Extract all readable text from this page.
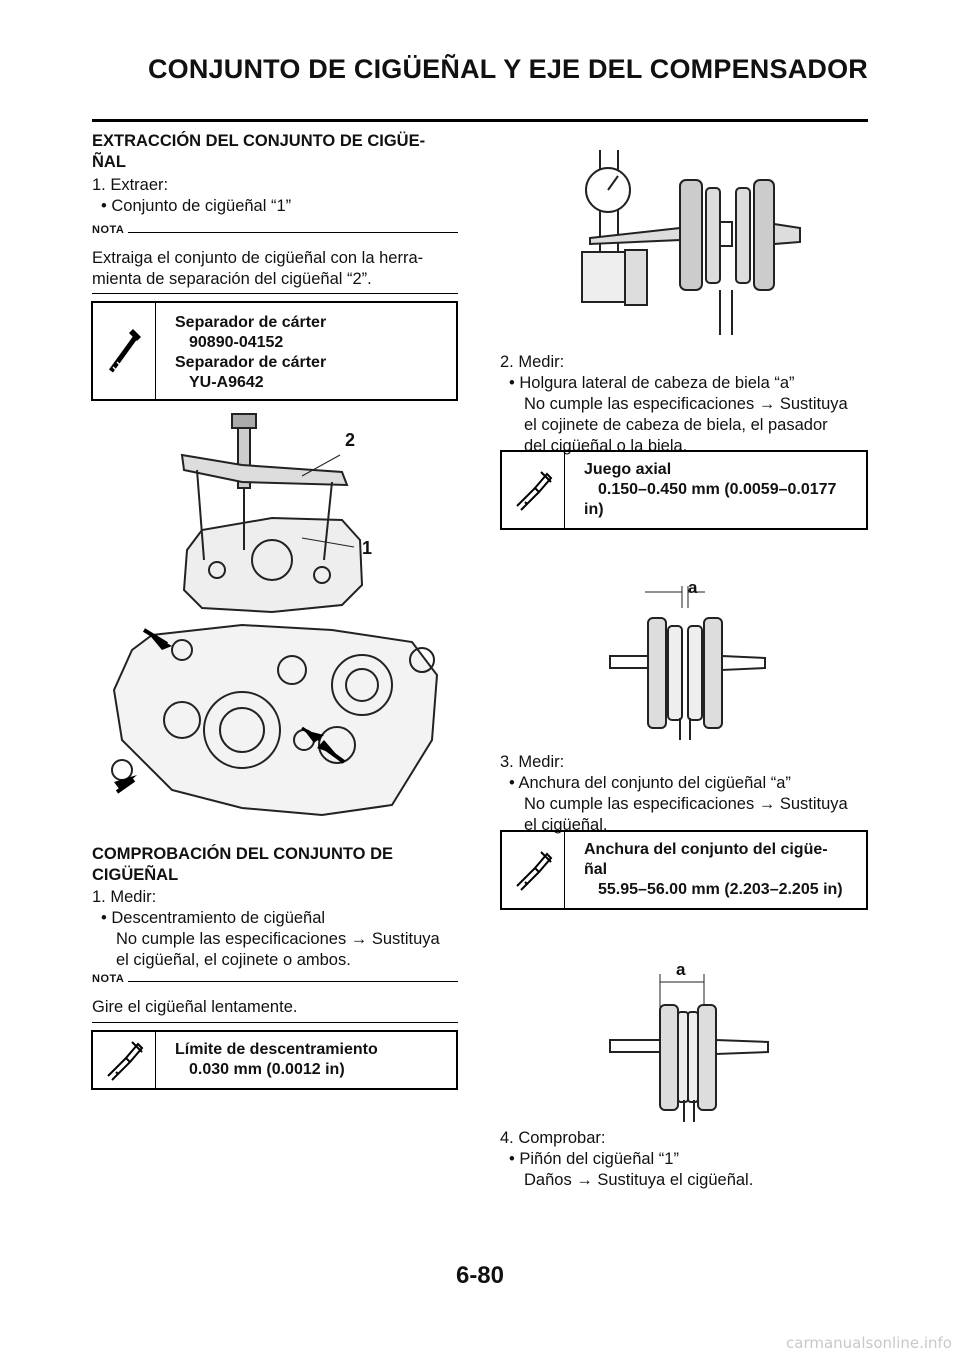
CONJUNTO DE CIGÜEÑAL Y EJE DEL COMPENSADOR
EXTRACCIÓN DEL CONJUNTO DE CIGÜE-
ÑAL
1. Extraer:
• Conjunto de cigüeñal “1”
NOTA
Extraiga el conjunto de cigüeñal con la herra-
mienta de separación del cigüeñal “2”.
Separador de cárter
90890-04152
Separador de cárter
YU-A9642
2
1
COMPROBACIÓN DEL CONJUNTO DE
CIGÜEÑAL
1. Medir:
• Descentramiento de cigüeñal
No cumple las especificaciones → Sustituya
el cigüeñal, el cojinete o ambos.
NOTA
Gire el cigüeñal lentamente.
Límite de descentramiento
0.030 mm (0.0012 in)
2. Medir:
• Holgura lateral de cabeza de biela “a”
No cumple las especificaciones → Sustituya
el cojinete de cabeza de biela, el pasador
del cigüeñal o la biela.
Juego axial
0.150–0.450 mm (0.0059–0.0177
in)
a
3. Medir:
• Anchura del conjunto del cigüeñal “a”
No cumple las especificaciones → Sustituya
el cigüeñal.
Anchura del conjunto del cigüe-
ñal
55.95–56.00 mm (2.203–2.205 in)
a
4. Comprobar:
• Piñón del cigüeñal “1”
Daños → Sustituya el cigüeñal.
6-80
carmanualsonline.info
